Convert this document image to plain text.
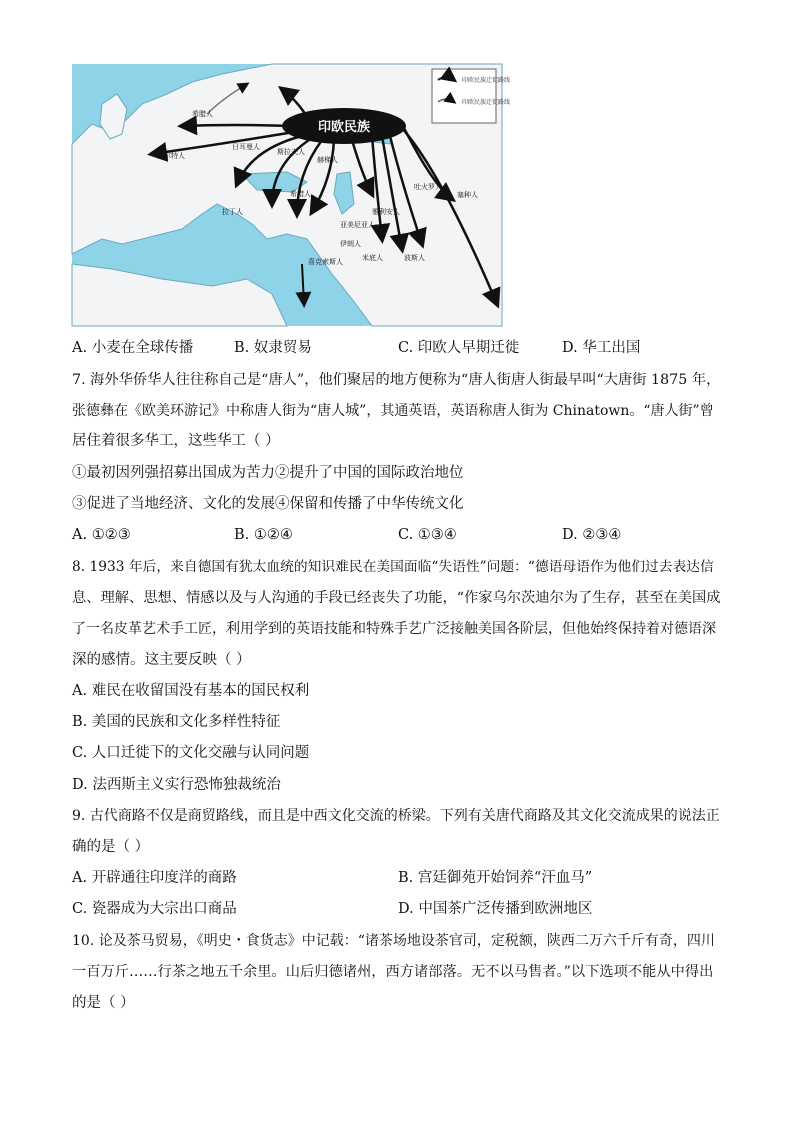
印欧民族迁徙路线
印欧民族迁徙路线
印欧民族
克尔特人
日耳曼人
斯拉夫人
赫梯人
希腊人
拉丁人
希腊人
亚美尼亚人
伊朗人
米底人	波斯人
雅利安人
塞种人
喜克索斯人
吐火罗人
A. 小麦在全球传播	B. 奴隶贸易	C. 印欧人早期迁徙	D. 华工出国
7. 海外华侨华人往往称自己是“唐人”，他们聚居的地方便称为“唐人街唐人街最早叫“大唐街 1875 年，
张德彝在《欧美环游记》中称唐人街为“唐人城”，其通英语，英语称唐人街为 Chinatown。“唐人街”曾
居住着很多华工，这些华工（ ）
①最初因列强招募出国成为苦力②提升了中国的国际政治地位
③促进了当地经济、文化的发展④保留和传播了中华传统文化
A. ①②③	B. ①②④	C. ①③④	D. ②③④
8. 1933 年后，来自德国有犹太血统的知识难民在美国面临“失语性”问题：“德语母语作为他们过去表达信
息、理解、思想、情感以及与人沟通的手段已经丧失了功能，“作家乌尔茨迪尔为了生存，甚至在美国成
了一名皮革艺术手工匠，利用学到的英语技能和特殊手艺广泛接触美国各阶层，但他始终保持着对德语深
深的感情。这主要反映（ ）
A. 难民在收留国没有基本的国民权利
B. 美国的民族和文化多样性特征
C. 人口迁徙下的文化交融与认同问题
D. 法西斯主义实行恐怖独裁统治
9. 古代商路不仅是商贸路线，而且是中西文化交流的桥梁。下列有关唐代商路及其文化交流成果的说法正
确的是（ ）
A. 开辟通往印度洋的商路	B. 宫廷御苑开始饲养“汗血马”
C. 瓷器成为大宗出口商品	D. 中国茶广泛传播到欧洲地区
10. 论及茶马贸易，《明史・食货志》中记载：“诸茶场地设茶官司，定税额，陕西二万六千斤有奇，四川
一百万斤……行茶之地五千余里。山后归德诸州，西方诸部落。无不以马售者。”以下选项不能从中得出
的是（ ）
